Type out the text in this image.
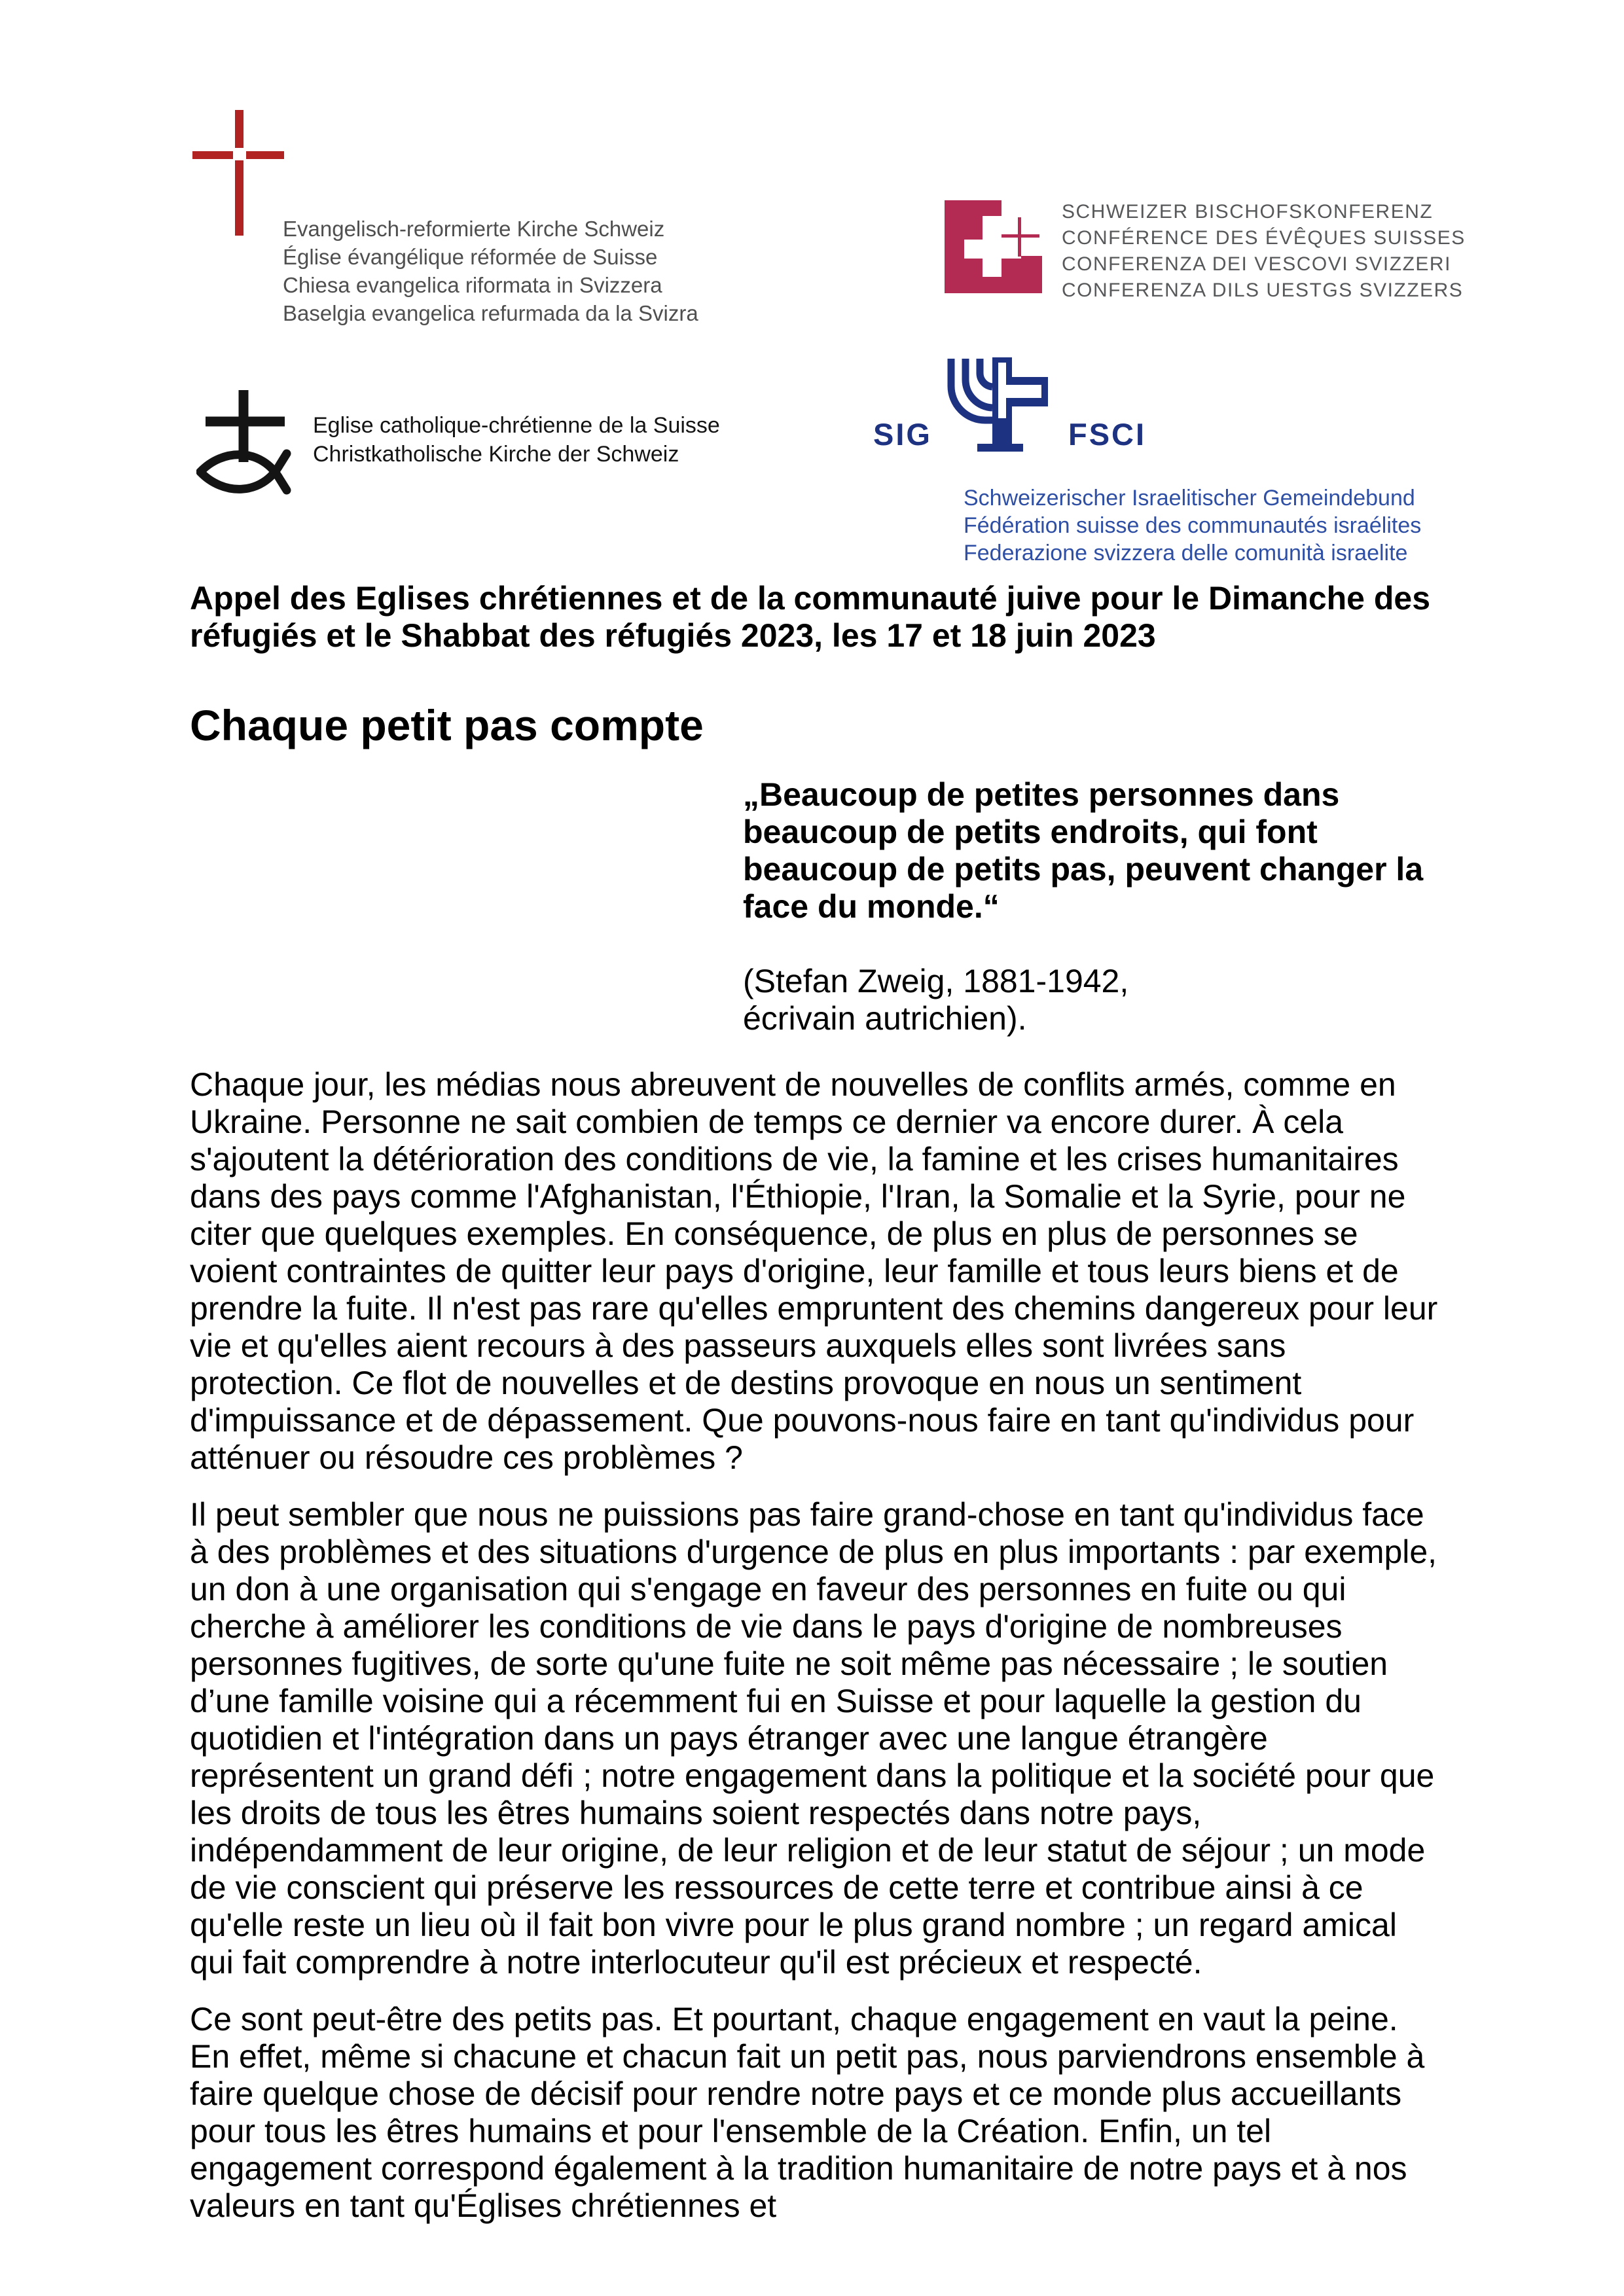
Evangelisch-reformierte Kirche Schweiz
Église évangélique réformée de Suisse
Chiesa evangelica riformata in Svizzera
Baselgia evangelica refurmada da la Svizra
SCHWEIZER BISCHOFSKONFERENZ
CONFÉRENCE DES ÉVÊQUES SUISSES
CONFERENZA DEI VESCOVI SVIZZERI
CONFERENZA DILS UESTGS SVIZZERS
Eglise catholique-chrétienne de la Suisse
Christkatholische Kirche der Schweiz
SIG	FSCI
Schweizerischer Israelitischer Gemeindebund
Fédération suisse des communautés israélites
Federazione svizzera delle comunità israelite

Appel des Eglises chrétiennes et de la communauté juive pour le Dimanche des réfugiés et le Shabbat des réfugiés 2023, les 17 et 18 juin 2023

Chaque petit pas compte
„Beaucoup de petites personnes dans beaucoup de petits endroits, qui font beaucoup de petits pas, peuvent changer la face du monde.“
(Stefan Zweig, 1881-1942,
écrivain autrichien).

Chaque jour, les médias nous abreuvent de nouvelles de conflits armés, comme en Ukraine. Personne ne sait combien de temps ce dernier va encore durer. À cela s'ajoutent la détérioration des conditions de vie, la famine et les crises humanitaires dans des pays comme l'Afghanistan, l'Éthiopie, l'Iran, la Somalie et la Syrie, pour ne citer que quelques exemples. En conséquence, de plus en plus de personnes se voient contraintes de quitter leur pays d'origine, leur famille et tous leurs biens et de prendre la fuite. Il n'est pas rare qu'elles empruntent des chemins dangereux pour leur vie et qu'elles aient recours à des passeurs auxquels elles sont livrées sans protection. Ce flot de nouvelles et de destins provoque en nous un sentiment d'impuissance et de dépassement. Que pouvons-nous faire en tant qu'individus pour atténuer ou résoudre ces problèmes ?

Il peut sembler que nous ne puissions pas faire grand-chose en tant qu'individus face à des problèmes et des situations d'urgence de plus en plus importants : par exemple, un don à une organisation qui s'engage en faveur des personnes en fuite ou qui cherche à améliorer les conditions de vie dans le pays d'origine de nombreuses personnes fugitives, de sorte qu'une fuite ne soit même pas nécessaire ; le soutien d’une famille voisine qui a récemment fui en Suisse et pour laquelle la gestion du quotidien et l'intégration dans un pays étranger avec une langue étrangère représentent un grand défi ; notre engagement dans la politique et la société pour que les droits de tous les êtres humains soient respectés dans notre pays, indépendamment de leur origine, de leur religion et de leur statut de séjour ; un mode de vie conscient qui préserve les ressources de cette terre et contribue ainsi à ce qu'elle reste un lieu où il fait bon vivre pour le plus grand nombre ; un regard amical qui fait comprendre à notre interlocuteur qu'il est précieux et respecté.

Ce sont peut-être des petits pas. Et pourtant, chaque engagement en vaut la peine. En effet, même si chacune et chacun fait un petit pas, nous parviendrons ensemble à faire quelque chose de décisif pour rendre notre pays et ce monde plus accueillants pour tous les êtres humains et pour l'ensemble de la Création. Enfin, un tel engagement correspond également à la tradition humanitaire de notre pays et à nos valeurs en tant qu'Églises chrétiennes et
